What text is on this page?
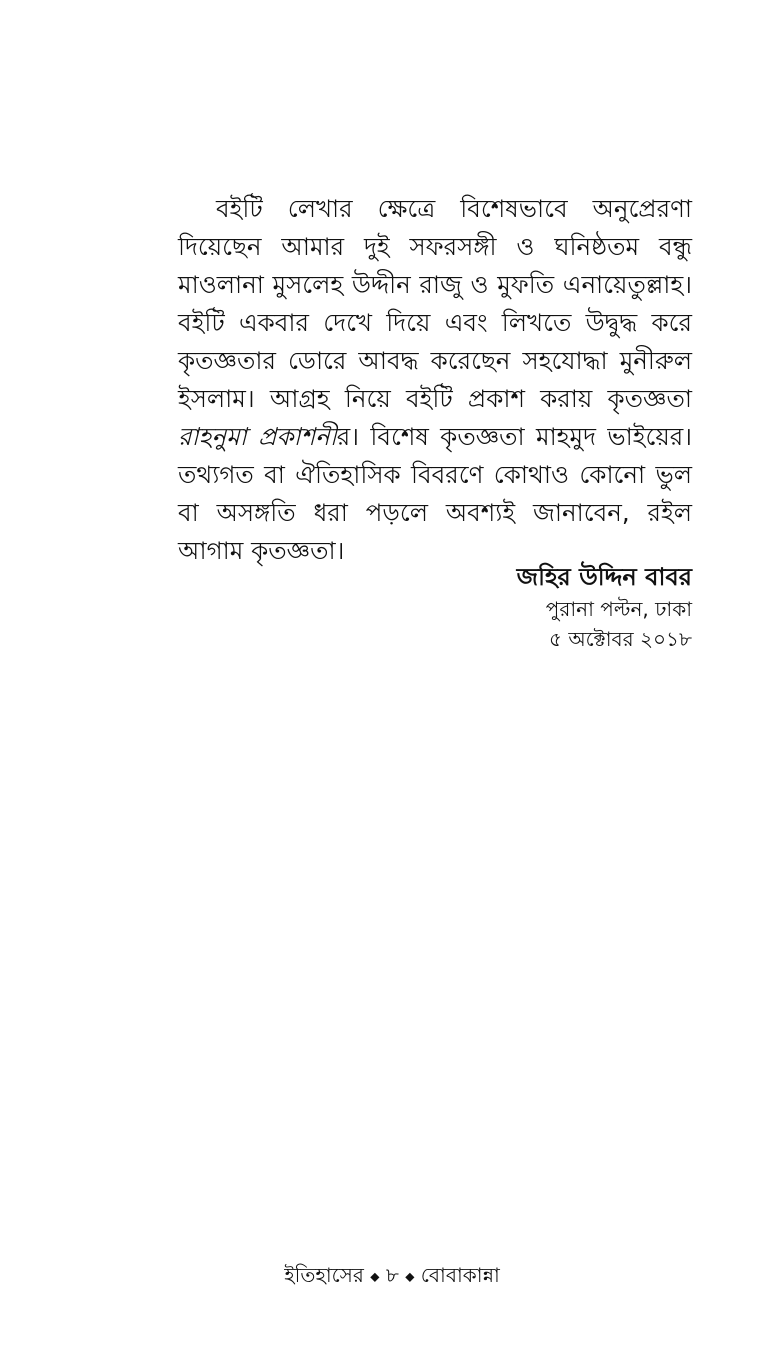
বইটি লেখার ক্ষেত্রে বিশেষভাবে অনুপ্রেরণা দিয়েছেন আমার দুই সফরসঙ্গী ও ঘনিষ্ঠতম বন্ধু মাওলানা মুসলেহ উদ্দীন রাজু ও মুফতি এনায়েতুল্লাহ। বইটি একবার দেখে দিয়ে এবং লিখতে উদ্বুদ্ধ করে কৃতজ্ঞতার ডোরে আবদ্ধ করেছেন সহযোদ্ধা মুনীরুল ইসলাম। আগ্রহ নিয়ে বইটি প্রকাশ করায় কৃতজ্ঞতা রাহনুমা প্রকাশনীর। বিশেষ কৃতজ্ঞতা মাহমুদ ভাইয়ের। তথ্যগত বা ঐতিহাসিক বিবরণে কোথাও কোনো ভুল বা অসঙ্গতি ধরা পড়লে অবশ্যই জানাবেন, রইল আগাম কৃতজ্ঞতা।

জহির উদ্দিন বাবর
পুরানা পল্টন, ঢাকা
৫ অক্টোবর ২০১৮
ইতিহাসের ◆ ৮ ◆ বোবাকান্না
